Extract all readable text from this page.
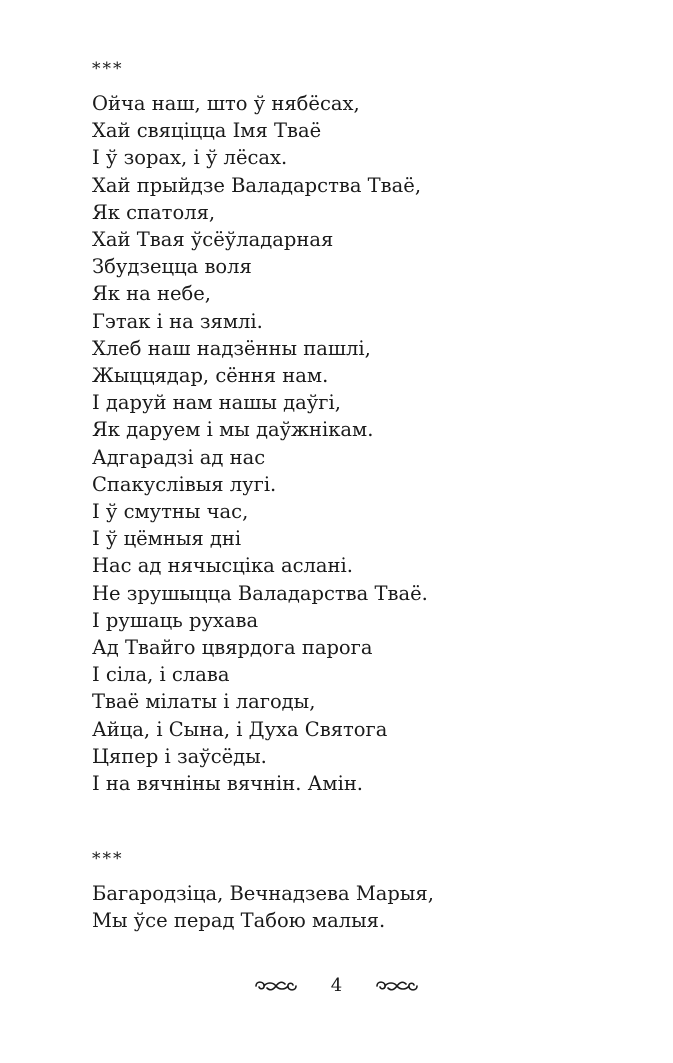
***
Ойча наш, што ў нябёсах,
Хай свяціцца Імя Тваё
І ў зорах, і ў лёсах.
Хай прыйдзе Валадарства Тваё,
Як спатоля,
Хай Твая ўсёўладарная
Збудзецца воля
Як на небе,
Гэтак і на зямлі.
Хлеб наш надзённы пашлі,
Жыццядар, сёння нам.
І даруй нам нашы даўгі,
Як даруем і мы даўжнікам.
Адгарадзі ад нас
Спакуслівыя лугі.
І ў смутны час,
І ў цёмныя дні
Нас ад нячысціка аслані.
Не зрушыцца Валадарства Тваё.
І рушаць рухава
Ад Твайго цвярдога парога
І сіла, і слава
Тваё мілаты і лагоды,
Айца, і Сына, і Духа Святога
Цяпер і заўсёды.
І на вячніны вячнін. Амін.
***
Багародзіца, Вечнадзева Марыя,
Мы ўсе перад Табою малыя.
4
